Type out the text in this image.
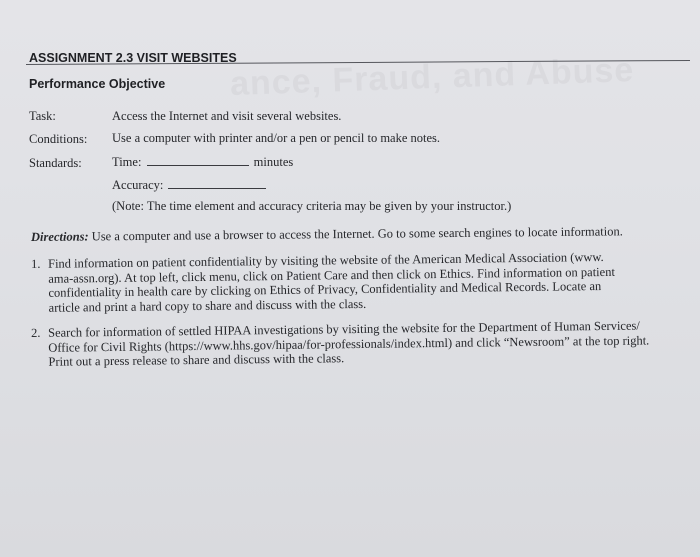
ance, Fraud, and Abuse
ASSIGNMENT 2.3 VISIT WEBSITES
Performance Objective
Task:	Access the Internet and visit several websites.
Conditions: Use a computer with printer and/or a pen or pencil to make notes.
Standards: Time:	minutes
Accuracy:
(Note: The time element and accuracy criteria may be given by your instructor.)
Directions: Use a computer and use a browser to access the Internet. Go to some search engines to locate information.
1. Find information on patient confidentiality by visiting the website of the American Medical Association (www.
ama-assn.org). At top left, click menu, click on Patient Care and then click on Ethics. Find information on patient
confidentiality in health care by clicking on Ethics of Privacy, Confidentiality and Medical Records. Locate an
article and print a hard copy to share and discuss with the class.
2. Search for information of settled HIPAA investigations by visiting the website for the Department of Human Services/
Office for Civil Rights (https://www.hhs.gov/hipaa/for-professionals/index.html) and click “Newsroom” at the top right.
Print out a press release to share and discuss with the class.
